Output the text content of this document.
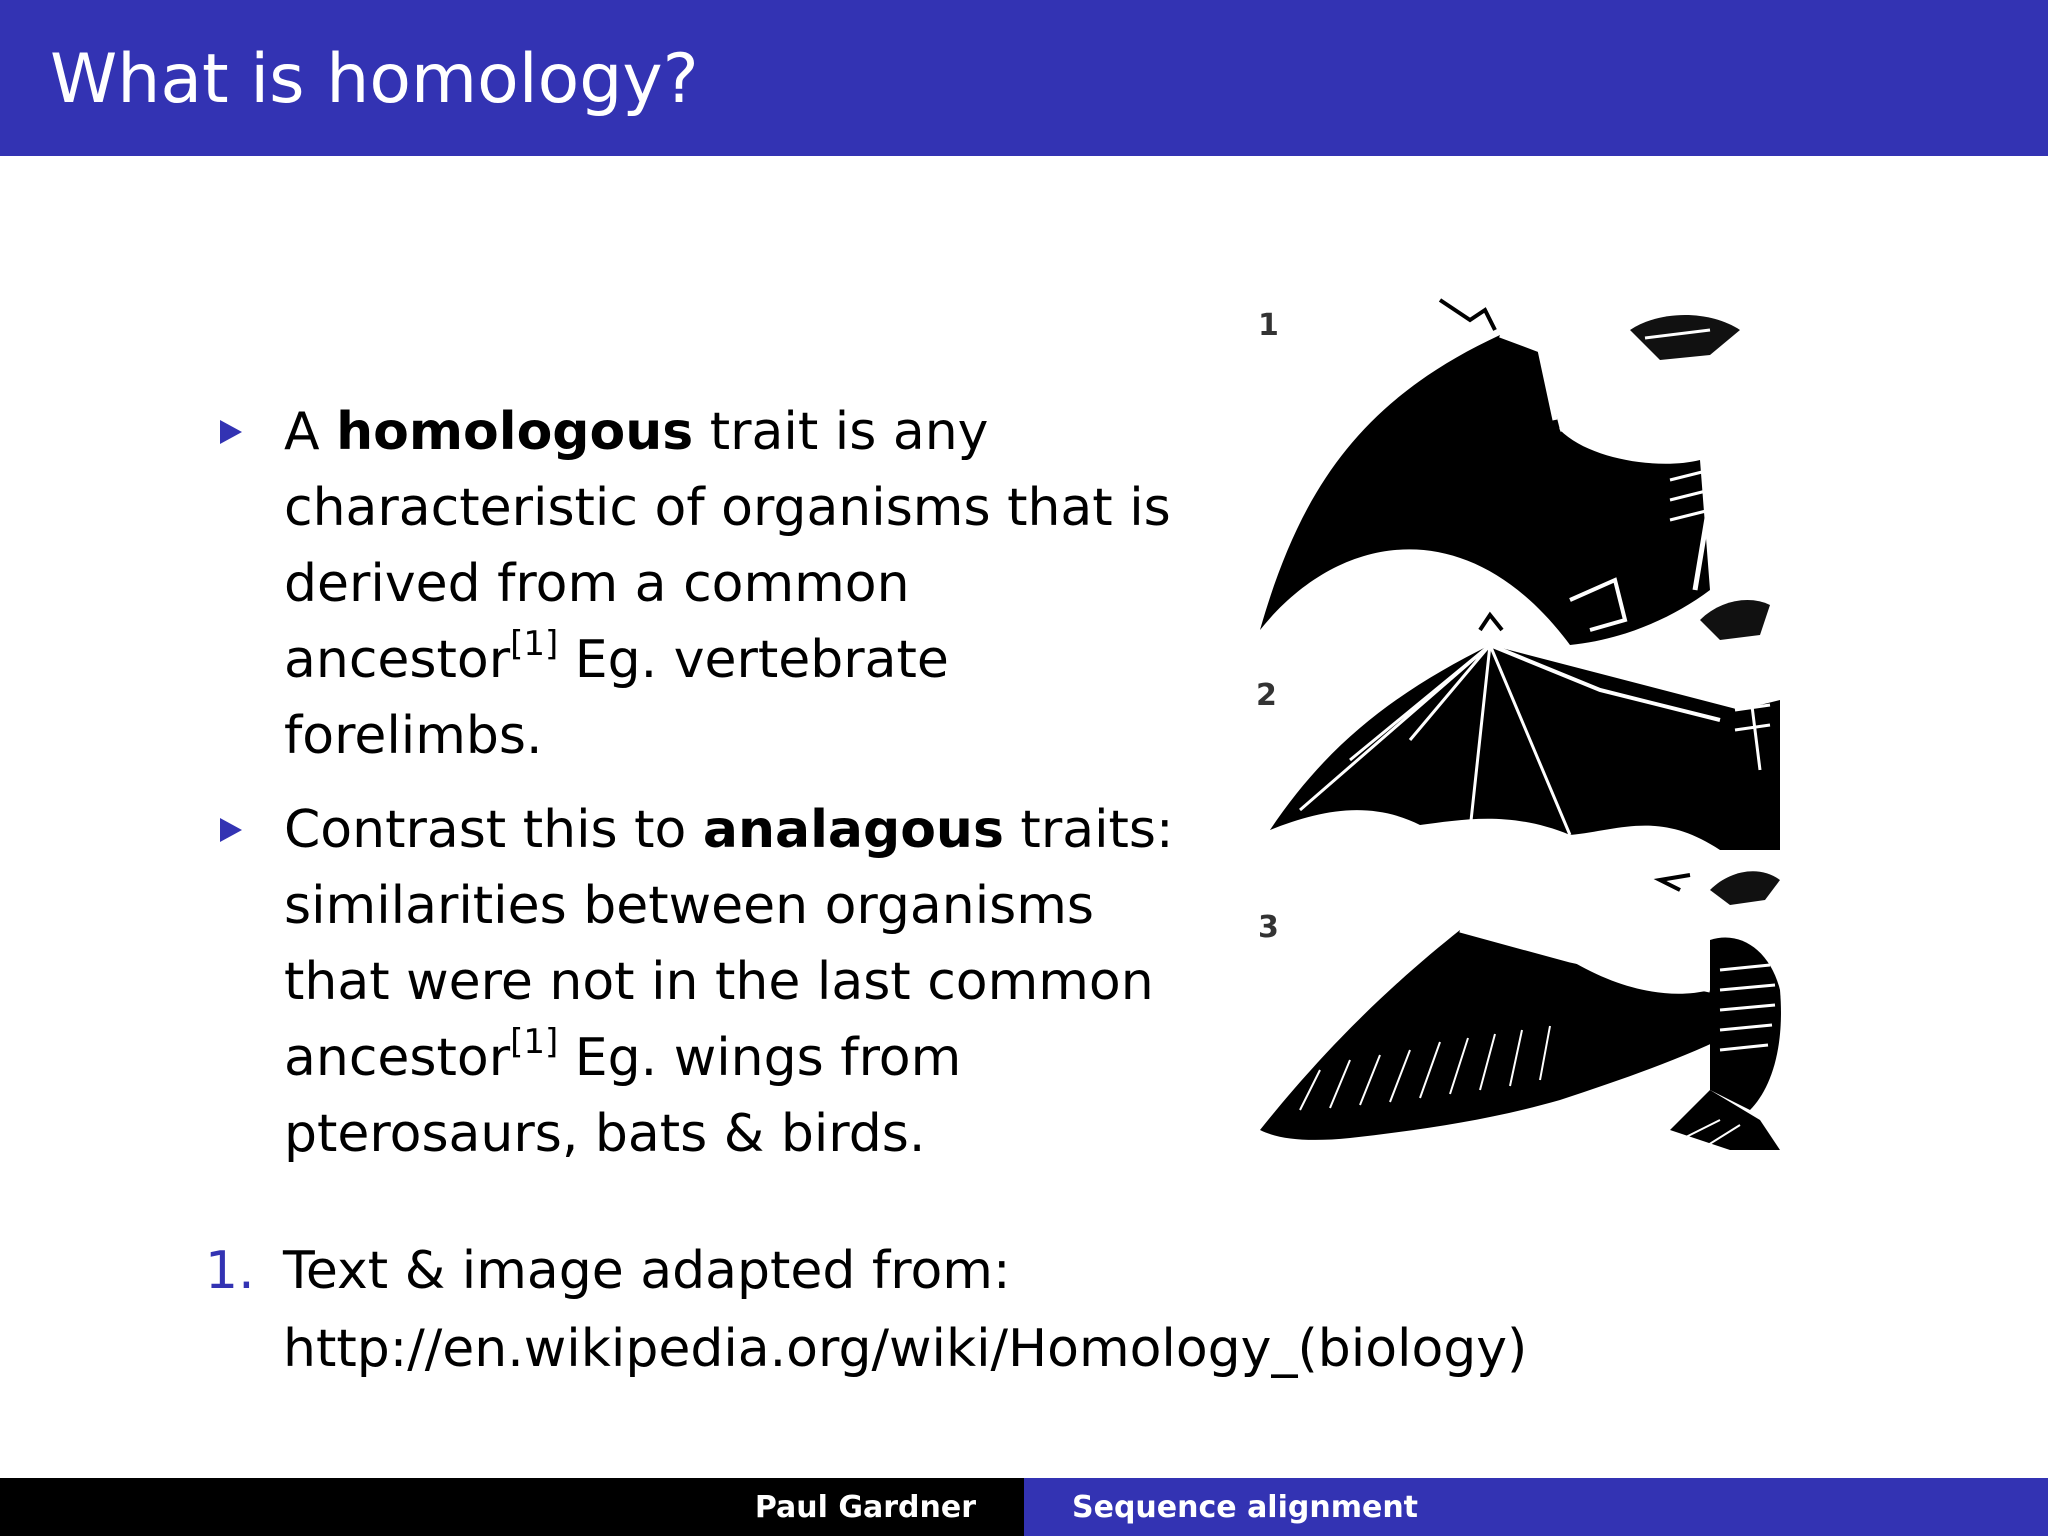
What is homology?

A homologous trait is any characteristic of organisms that is derived from a common ancestor[1] Eg. vertebrate forelimbs.

Contrast this to analagous traits: similarities between organisms that were not in the last common ancestor[1] Eg. wings from pterosaurs, bats & birds.

1
2
3
1. Text & image adapted from:

http://en.wikipedia.org/wiki/Homology_(biology)

Paul Gardner	Sequence alignment
